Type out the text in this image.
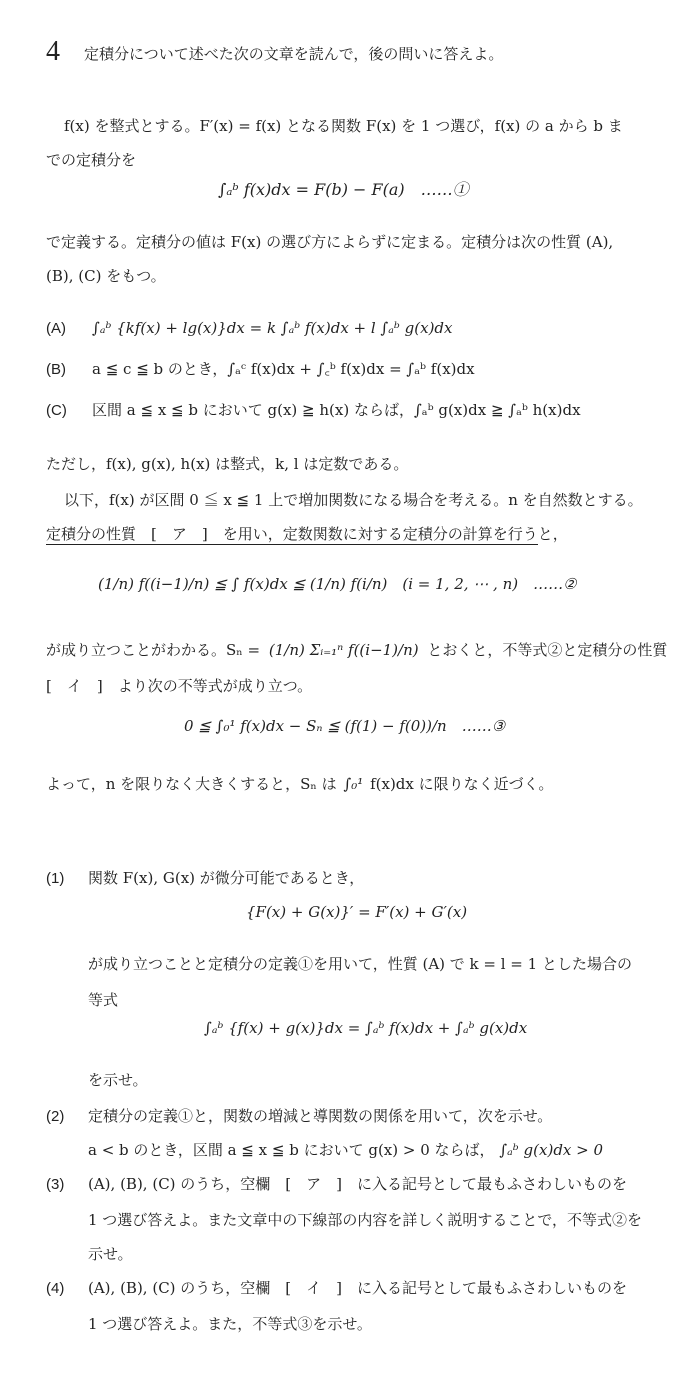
4 定積分について述べた次の文章を読んで，後の問いに答えよ。
f(x) を整式とする。F′(x) = f(x) となる関数 F(x) を 1 つ選び，f(x) の a から b ま
での定積分を
∫ₐᵇ f(x)dx = F(b) − F(a)　……①
で定義する。定積分の値は F(x) の選び方によらずに定まる。定積分は次の性質 (A),
(B), (C) をもつ。
(A) ∫ₐᵇ {kf(x) + lg(x)}dx = k ∫ₐᵇ f(x)dx + l ∫ₐᵇ g(x)dx
(B) a ≦ c ≦ b のとき，∫ₐᶜ f(x)dx + ∫꜀ᵇ f(x)dx = ∫ₐᵇ f(x)dx
(C) 区間 a ≦ x ≦ b において g(x) ≧ h(x) ならば，∫ₐᵇ g(x)dx ≧ ∫ₐᵇ h(x)dx
ただし，f(x), g(x), h(x) は整式，k, l は定数である。
以下，f(x) が区間 0 ≦ x ≦ 1 上で増加関数になる場合を考える。n を自然数とする。
定積分の性質　[　ア　]　を用い，定数関数に対する定積分の計算を行うと，
(1/n) f((i−1)/n) ≦ ∫ f(x)dx ≦ (1/n) f(i/n)　(i = 1, 2, ⋯ , n)　……②
が成り立つことがわかる。Sₙ = (1/n) Σᵢ₌₁ⁿ f((i−1)/n) とおくと，不等式②と定積分の性質
[　イ　]　より次の不等式が成り立つ。
0 ≦ ∫₀¹ f(x)dx − Sₙ ≦ (f(1) − f(0))/n　……③
よって，n を限りなく大きくすると，Sₙ は ∫₀¹ f(x)dx に限りなく近づく。
(1) 関数 F(x), G(x) が微分可能であるとき，
{F(x) + G(x)}′ = F′(x) + G′(x)
が成り立つことと定積分の定義①を用いて，性質 (A) で k = l = 1 とした場合の
等式
∫ₐᵇ {f(x) + g(x)}dx = ∫ₐᵇ f(x)dx + ∫ₐᵇ g(x)dx
を示せ。
(2) 定積分の定義①と，関数の増減と導関数の関係を用いて，次を示せ。
a < b のとき，区間 a ≦ x ≦ b において g(x) > 0 ならば， ∫ₐᵇ g(x)dx > 0
(3) (A), (B), (C) のうち，空欄　[　ア　]　に入る記号として最もふさわしいものを
1 つ選び答えよ。また文章中の下線部の内容を詳しく説明することで，不等式②を
示せ。
(4) (A), (B), (C) のうち，空欄　[　イ　]　に入る記号として最もふさわしいものを
1 つ選び答えよ。また，不等式③を示せ。
